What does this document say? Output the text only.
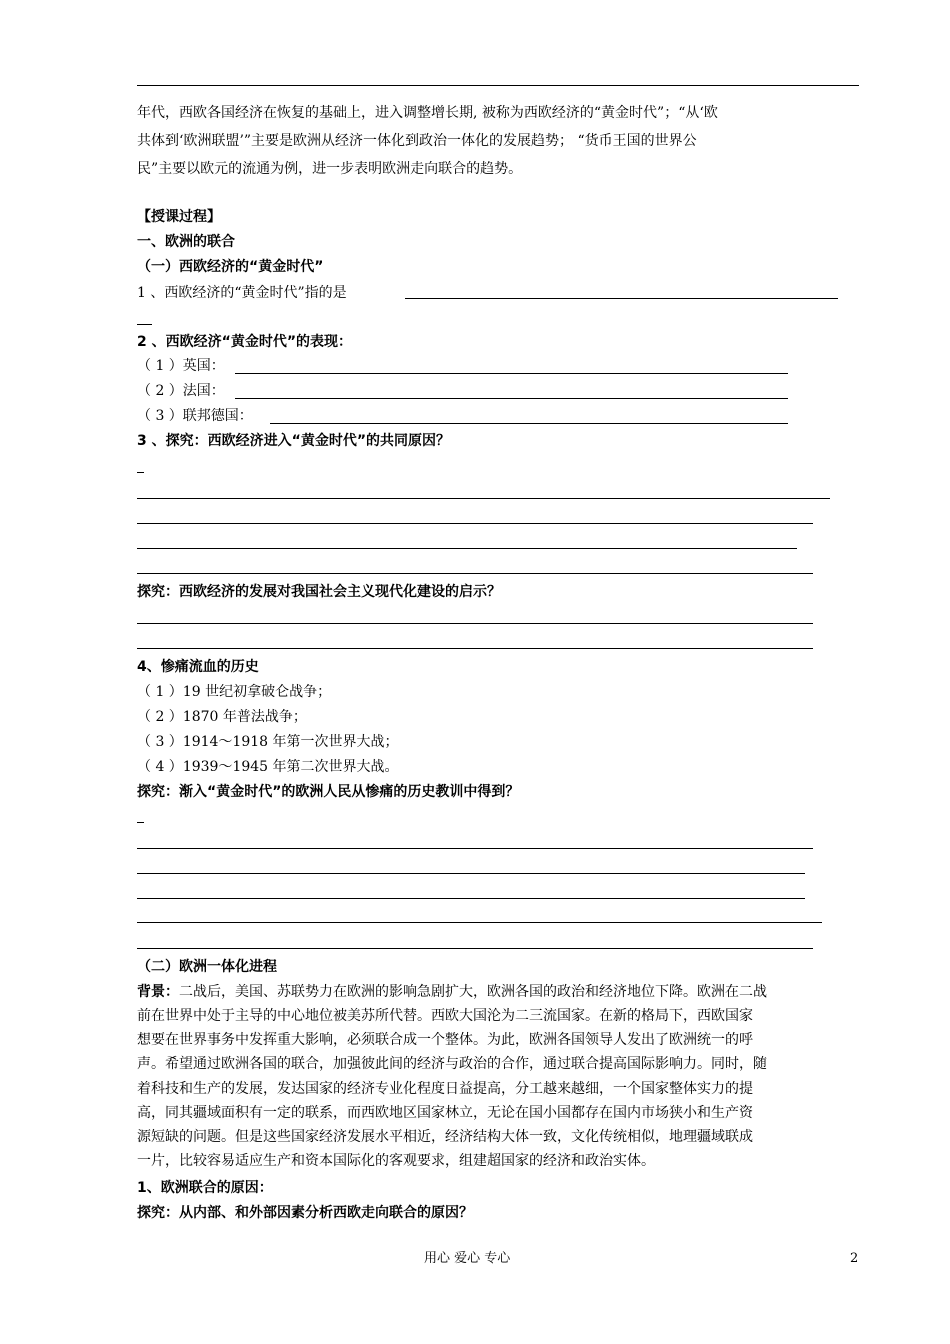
年代，西欧各国经济在恢复的基础上，进入调整增长期, 被称为西欧经济的“黄金时代”；“从‘欧
共体到‘欧洲联盟’”主要是欧洲从经济一体化到政治一体化的发展趋势； “货币王国的世界公
民”主要以欧元的流通为例，进一步表明欧洲走向联合的趋势。
【授课过程】
一、欧洲的联合
（一）西欧经济的“黄金时代”
1 、西欧经济的“黄金时代”指的是
2 、西欧经济“黄金时代”的表现：
（ 1 ）英国：
（ 2 ）法国：
（ 3 ）联邦德国：
3 、探究：西欧经济进入“黄金时代”的共同原因？
探究：西欧经济的发展对我国社会主义现代化建设的启示？
4、惨痛流血的历史
（ 1 ）19 世纪初拿破仑战争；
（ 2 ）1870 年普法战争；
（ 3 ）1914～1918 年第一次世界大战；
（ 4 ）1939～1945 年第二次世界大战。
探究：渐入“黄金时代”的欧洲人民从惨痛的历史教训中得到？
（二）欧洲一体化进程
背景：二战后，美国、苏联势力在欧洲的影响急剧扩大，欧洲各国的政治和经济地位下降。欧洲在二战
前在世界中处于主导的中心地位被美苏所代替。西欧大国沦为二三流国家。在新的格局下，西欧国家
想要在世界事务中发挥重大影响，必须联合成一个整体。为此，欧洲各国领导人发出了欧洲统一的呼
声。希望通过欧洲各国的联合，加强彼此间的经济与政治的合作，通过联合提高国际影响力。同时，随
着科技和生产的发展，发达国家的经济专业化程度日益提高，分工越来越细，一个国家整体实力的提
高，同其疆域面积有一定的联系，而西欧地区国家林立，无论在国小国都存在国内市场狭小和生产资
源短缺的问题。但是这些国家经济发展水平相近，经济结构大体一致，文化传统相似，地理疆域联成
一片，比较容易适应生产和资本国际化的客观要求，组建超国家的经济和政治实体。
1、欧洲联合的原因：
探究：从内部、和外部因素分析西欧走向联合的原因？
用心 爱心 专心	2
